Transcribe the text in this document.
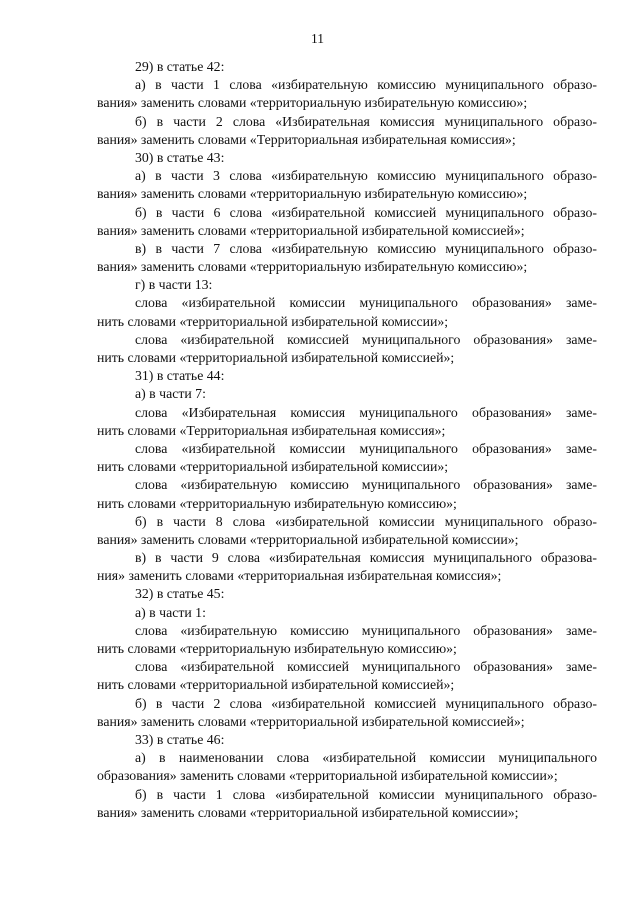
11
29) в статье 42:
а) в части 1 слова «избирательную комиссию муниципального образо-
вания» заменить словами «территориальную избирательную комиссию»;
б) в части 2 слова «Избирательная комиссия муниципального образо-
вания» заменить словами «Территориальная избирательная комиссия»;
30) в статье 43:
а) в части 3 слова «избирательную комиссию муниципального образо-
вания» заменить словами «территориальную избирательную комиссию»;
б) в части 6 слова «избирательной комиссией муниципального образо-
вания» заменить словами «территориальной избирательной комиссией»;
в) в части 7 слова «избирательную комиссию муниципального образо-
вания» заменить словами «территориальную избирательную комиссию»;
г) в части 13:
слова «избирательной комиссии муниципального образования» заме-
нить словами «территориальной избирательной комиссии»;
слова «избирательной комиссией муниципального образования» заме-
нить словами «территориальной избирательной комиссией»;
31) в статье 44:
а) в части 7:
слова «Избирательная комиссия муниципального образования» заме-
нить словами «Территориальная избирательная комиссия»;
слова «избирательной комиссии муниципального образования» заме-
нить словами «территориальной избирательной комиссии»;
слова «избирательную комиссию муниципального образования» заме-
нить словами «территориальную избирательную комиссию»;
б) в части 8 слова «избирательной комиссии муниципального образо-
вания» заменить словами «территориальной избирательной комиссии»;
в) в части 9 слова «избирательная комиссия муниципального образова-
ния» заменить словами «территориальная избирательная комиссия»;
32) в статье 45:
а) в части 1:
слова «избирательную комиссию муниципального образования» заме-
нить словами «территориальную избирательную комиссию»;
слова «избирательной комиссией муниципального образования» заме-
нить словами «территориальной избирательной комиссией»;
б) в части 2 слова «избирательной комиссией муниципального образо-
вания» заменить словами «территориальной избирательной комиссией»;
33) в статье 46:
а) в наименовании слова «избирательной комиссии муниципального
образования» заменить словами «территориальной избирательной комиссии»;
б) в части 1 слова «избирательной комиссии муниципального образо-
вания» заменить словами «территориальной избирательной комиссии»;
